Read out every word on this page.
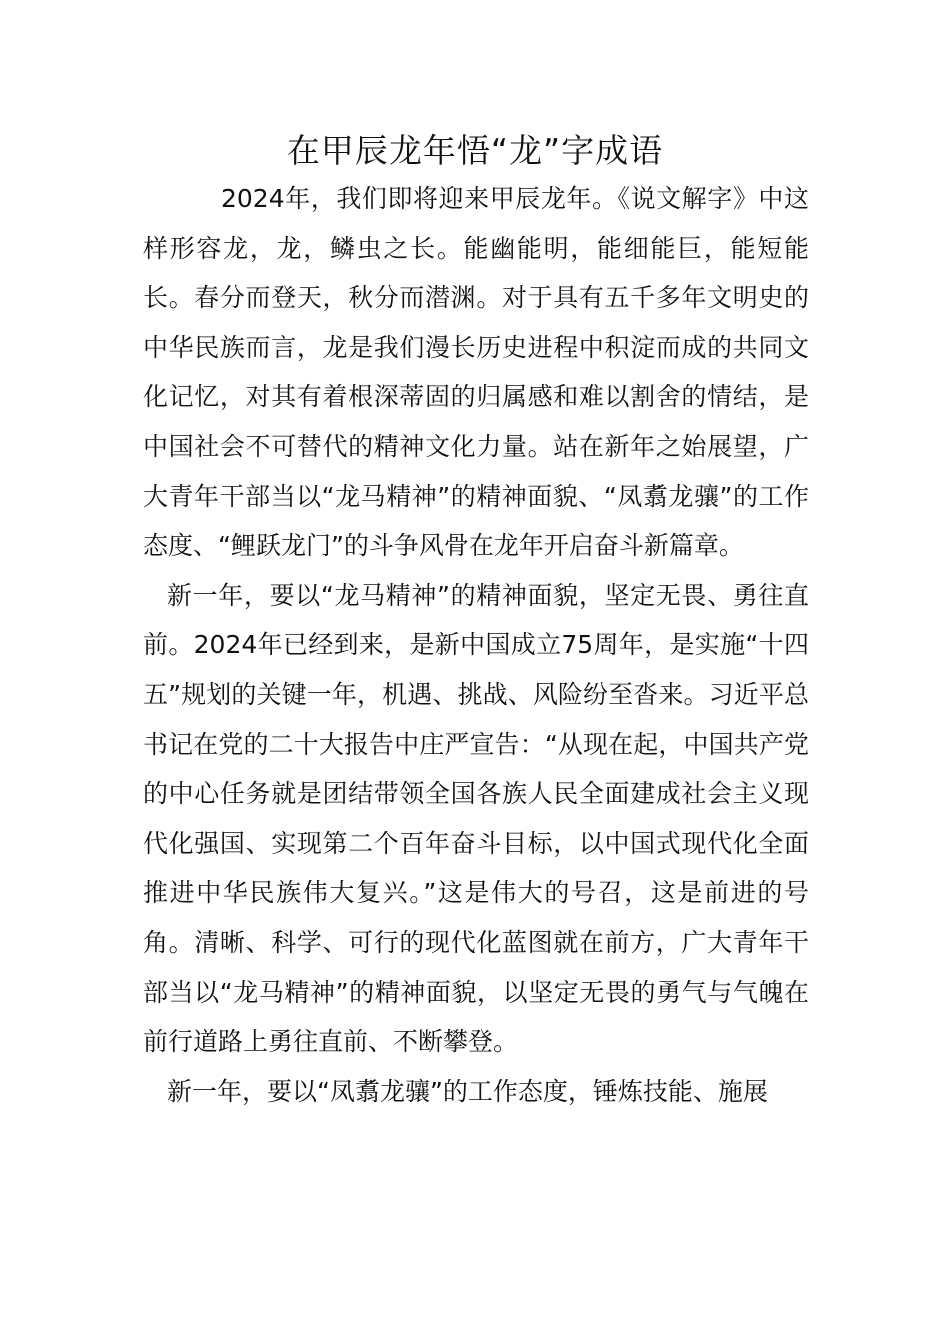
在甲辰龙年悟“龙”字成语

2024年，我们即将迎来甲辰龙年。《说文解字》中这样形容龙，龙，鳞虫之长。能幽能明，能细能巨，能短能长。春分而登天，秋分而潜渊。对于具有五千多年文明史的中华民族而言，龙是我们漫长历史进程中积淀而成的共同文化记忆，对其有着根深蒂固的归属感和难以割舍的情结，是中国社会不可替代的精神文化力量。站在新年之始展望，广大青年干部当以“龙马精神”的精神面貌、“凤翥龙骧”的工作态度、“鲤跃龙门”的斗争风骨在龙年开启奋斗新篇章。

新一年，要以“龙马精神”的精神面貌，坚定无畏、勇往直前。2024年已经到来，是新中国成立75周年，是实施“十四五”规划的关键一年，机遇、挑战、风险纷至沓来。习近平总书记在党的二十大报告中庄严宣告：“从现在起，中国共产党的中心任务就是团结带领全国各族人民全面建成社会主义现代化强国、实现第二个百年奋斗目标，以中国式现代化全面推进中华民族伟大复兴。”这是伟大的号召，这是前进的号角。清晰、科学、可行的现代化蓝图就在前方，广大青年干部当以“龙马精神”的精神面貌，以坚定无畏的勇气与气魄在前行道路上勇往直前、不断攀登。

新一年，要以“凤翥龙骧”的工作态度，锤炼技能、施展
